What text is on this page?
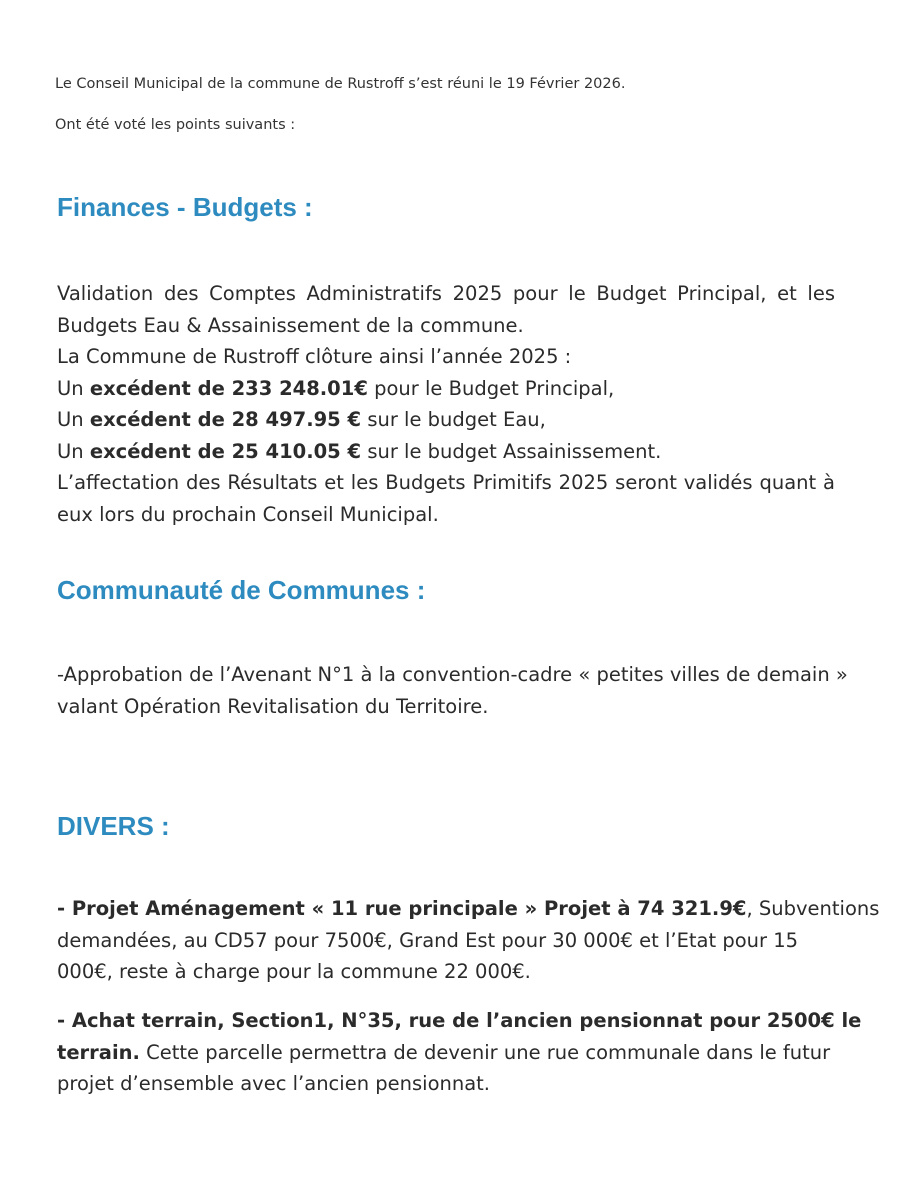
Le Conseil Municipal de la commune de Rustroff s’est réuni le 19 Février 2026.
Ont été voté les points suivants :
Finances - Budgets :
Validation des Comptes Administratifs 2025 pour le Budget Principal, et les
Budgets Eau & Assainissement de la commune.
La Commune de Rustroff clôture ainsi l’année 2025 :
Un excédent de 233 248.01€ pour le Budget Principal,
Un excédent de 28 497.95 € sur le budget Eau,
Un excédent de 25 410.05 € sur le budget Assainissement.
L’affectation des Résultats et les Budgets Primitifs 2025 seront validés quant à
eux lors du prochain Conseil Municipal.
Communauté de Communes :
-Approbation de l’Avenant N°1 à la convention-cadre « petites villes de demain »
valant Opération Revitalisation du Territoire.
DIVERS :
- Projet Aménagement « 11 rue principale » Projet à 74 321.9€, Subventions
demandées, au CD57 pour 7500€, Grand Est pour 30 000€ et l’Etat pour 15
000€, reste à charge pour la commune 22 000€.
- Achat terrain, Section1, N°35, rue de l’ancien pensionnat pour 2500€ le
terrain. Cette parcelle permettra de devenir une rue communale dans le futur
projet d’ensemble avec l’ancien pensionnat.
